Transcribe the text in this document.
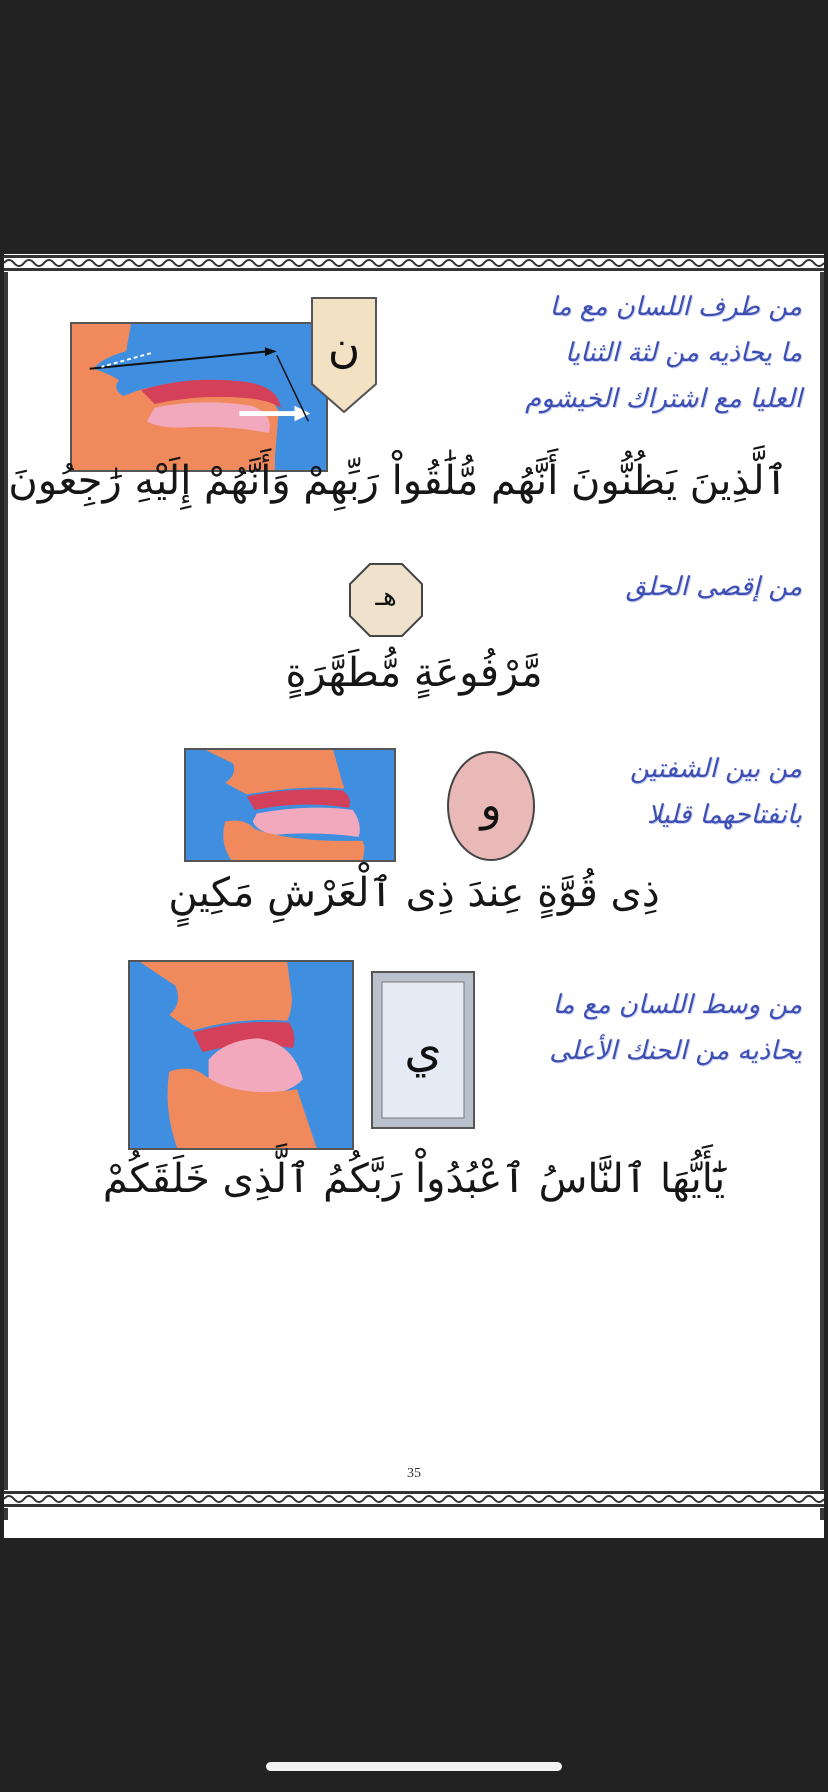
ن
من طرف اللسان مع ما
ما يحاذيه من لثة الثنايا
العليا مع اشتراك الخيشوم
ٱلَّذِينَ يَظُنُّونَ أَنَّهُم مُّلَٰقُواْ رَبِّهِمْ وَأَنَّهُمْ إِلَيْهِ رَٰجِعُونَ
هـ	من إقصى الحلق
مَّرْفُوعَةٍ مُّطَهَّرَةٍ
و
من بين الشفتين
بانفتاحهما قليلا
ذِى قُوَّةٍ عِندَ ذِى ٱلْعَرْشِ مَكِينٍ
ي
من وسط اللسان مع ما
يحاذيه من الحنك الأعلى
يَٰٓأَيُّهَا ٱلنَّاسُ ٱعْبُدُواْ رَبَّكُمُ ٱلَّذِى خَلَقَكُمْ
35
